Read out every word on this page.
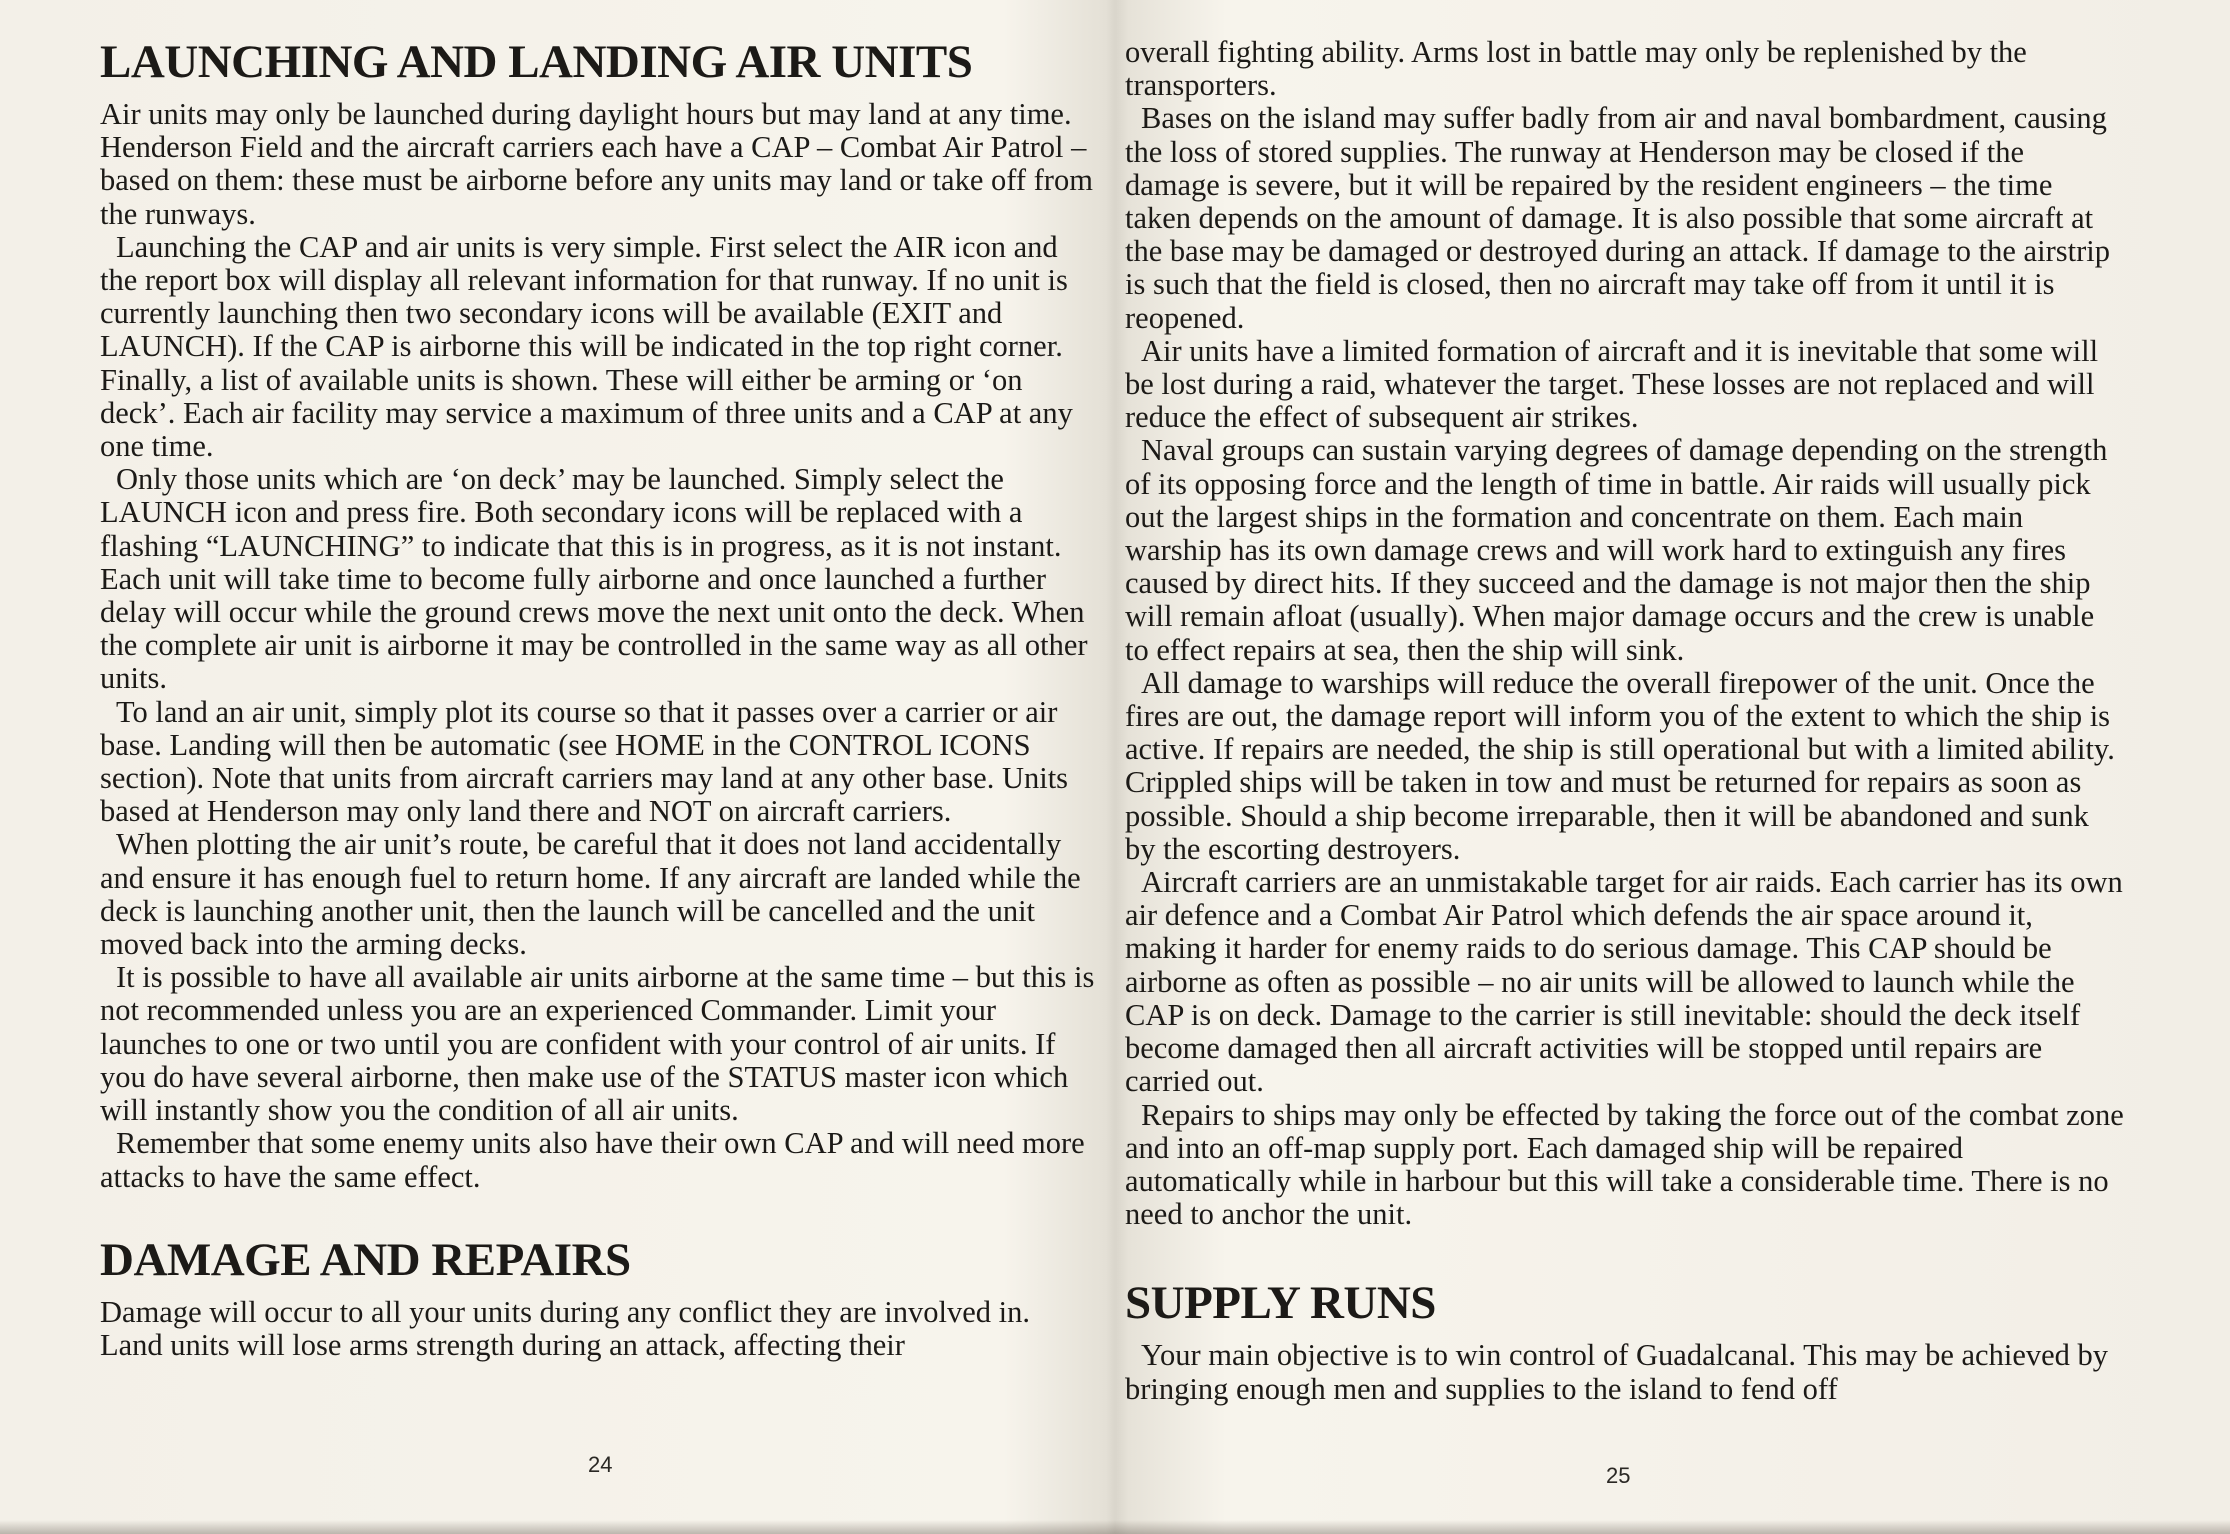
LAUNCHING AND LANDING AIR UNITS

Air units may only be launched during daylight hours but may land at any time. Henderson Field and the aircraft carriers each have a CAP – Combat Air Patrol – based on them: these must be airborne before any units may land or take off from the runways.

Launching the CAP and air units is very simple. First select the AIR icon and the report box will display all relevant information for that runway. If no unit is currently launching then two secondary icons will be available (EXIT and LAUNCH). If the CAP is airborne this will be indicated in the top right corner. Finally, a list of available units is shown. These will either be arming or ‘on deck’. Each air facility may service a maximum of three units and a CAP at any one time.

Only those units which are ‘on deck’ may be launched. Simply select the LAUNCH icon and press fire. Both secondary icons will be replaced with a flashing “LAUNCHING” to indicate that this is in progress, as it is not instant. Each unit will take time to become fully airborne and once launched a further delay will occur while the ground crews move the next unit onto the deck. When the complete air unit is airborne it may be controlled in the same way as all other units.

To land an air unit, simply plot its course so that it passes over a carrier or air base. Landing will then be automatic (see HOME in the CONTROL ICONS section). Note that units from aircraft carriers may land at any other base. Units based at Henderson may only land there and NOT on aircraft carriers.

When plotting the air unit’s route, be careful that it does not land accidentally and ensure it has enough fuel to return home. If any aircraft are landed while the deck is launching another unit, then the launch will be cancelled and the unit moved back into the arming decks.

It is possible to have all available air units airborne at the same time – but this is not recommended unless you are an experienced Commander. Limit your launches to one or two until you are confident with your control of air units. If you do have several airborne, then make use of the STATUS master icon which will instantly show you the condition of all air units.

Remember that some enemy units also have their own CAP and will need more attacks to have the same effect.

DAMAGE AND REPAIRS

Damage will occur to all your units during any conflict they are involved in. Land units will lose arms strength during an attack, affecting their

overall fighting ability. Arms lost in battle may only be replenished by the transporters.

Bases on the island may suffer badly from air and naval bombardment, causing the loss of stored supplies. The runway at Henderson may be closed if the damage is severe, but it will be repaired by the resident engineers – the time taken depends on the amount of damage. It is also possible that some aircraft at the base may be damaged or destroyed during an attack. If damage to the airstrip is such that the field is closed, then no aircraft may take off from it until it is reopened.

Air units have a limited formation of aircraft and it is inevitable that some will be lost during a raid, whatever the target. These losses are not replaced and will reduce the effect of subsequent air strikes.

Naval groups can sustain varying degrees of damage depending on the strength of its opposing force and the length of time in battle. Air raids will usually pick out the largest ships in the formation and concentrate on them. Each main warship has its own damage crews and will work hard to extinguish any fires caused by direct hits. If they succeed and the damage is not major then the ship will remain afloat (usually). When major damage occurs and the crew is unable to effect repairs at sea, then the ship will sink.

All damage to warships will reduce the overall firepower of the unit. Once the fires are out, the damage report will inform you of the extent to which the ship is active. If repairs are needed, the ship is still operational but with a limited ability. Crippled ships will be taken in tow and must be returned for repairs as soon as possible. Should a ship become irreparable, then it will be abandoned and sunk by the escorting destroyers.

Aircraft carriers are an unmistakable target for air raids. Each carrier has its own air defence and a Combat Air Patrol which defends the air space around it, making it harder for enemy raids to do serious damage. This CAP should be airborne as often as possible – no air units will be allowed to launch while the CAP is on deck. Damage to the carrier is still inevitable: should the deck itself become damaged then all aircraft activities will be stopped until repairs are carried out.

Repairs to ships may only be effected by taking the force out of the combat zone and into an off-map supply port. Each damaged ship will be repaired automatically while in harbour but this will take a considerable time. There is no need to anchor the unit.

SUPPLY RUNS

Your main objective is to win control of Guadalcanal. This may be achieved by bringing enough men and supplies to the island to fend off

24	25
